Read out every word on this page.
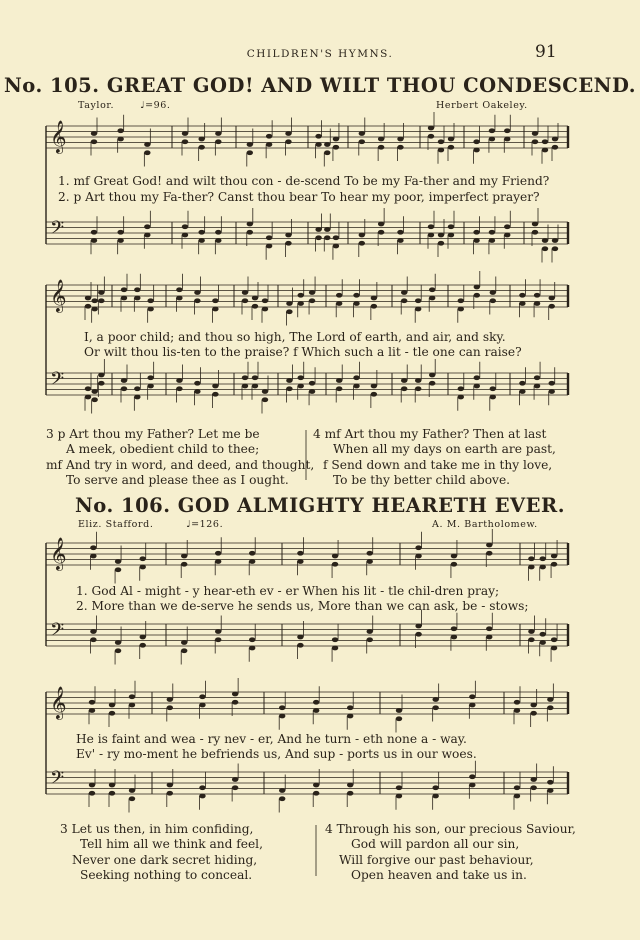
CHILDREN'S HYMNS.	91
No. 105. GREAT GOD! AND WILT THOU CONDESCEND.
Taylor.	♩=96.	Herbert Oakeley.
𝄞
𝄢
𝄞
𝄢
𝄞
𝄢
𝄞
𝄢
1. mf Great God! and wilt thou con - de-scend To be my Fa-ther and my Friend?
2. p Art thou my Fa-ther? Canst thou bear To hear my poor, imperfect prayer?
I, a poor child; and thou so high, The Lord of earth, and air, and sky.
Or wilt thou lis-ten to the praise? f Which such a lit - tle one can raise?
3 p Art thou my Father? Let me be
A meek, obedient child to thee;
mf And try in word, and deed, and thought,
To serve and please thee as I ought.
4 mf Art thou my Father? Then at last
When all my days on earth are past,
f Send down and take me in thy love,
To be thy better child above.
No. 106. GOD ALMIGHTY HEARETH EVER.
Eliz. Stafford.	♩=126.	A. M. Bartholomew.
1. God Al - might - y hear-eth ev - er When his lit - tle chil-dren pray;
2. More than we de-serve he sends us, More than we can ask, be - stows;
He is faint and wea - ry nev - er, And he turn - eth none a - way.
Ev' - ry mo-ment he befriends us, And sup - ports us in our woes.
3 Let us then, in him confiding,
Tell him all we think and feel,
Never one dark secret hiding,
Seeking nothing to conceal.
4 Through his son, our precious Saviour,
God will pardon all our sin,
Will forgive our past behaviour,
Open heaven and take us in.
